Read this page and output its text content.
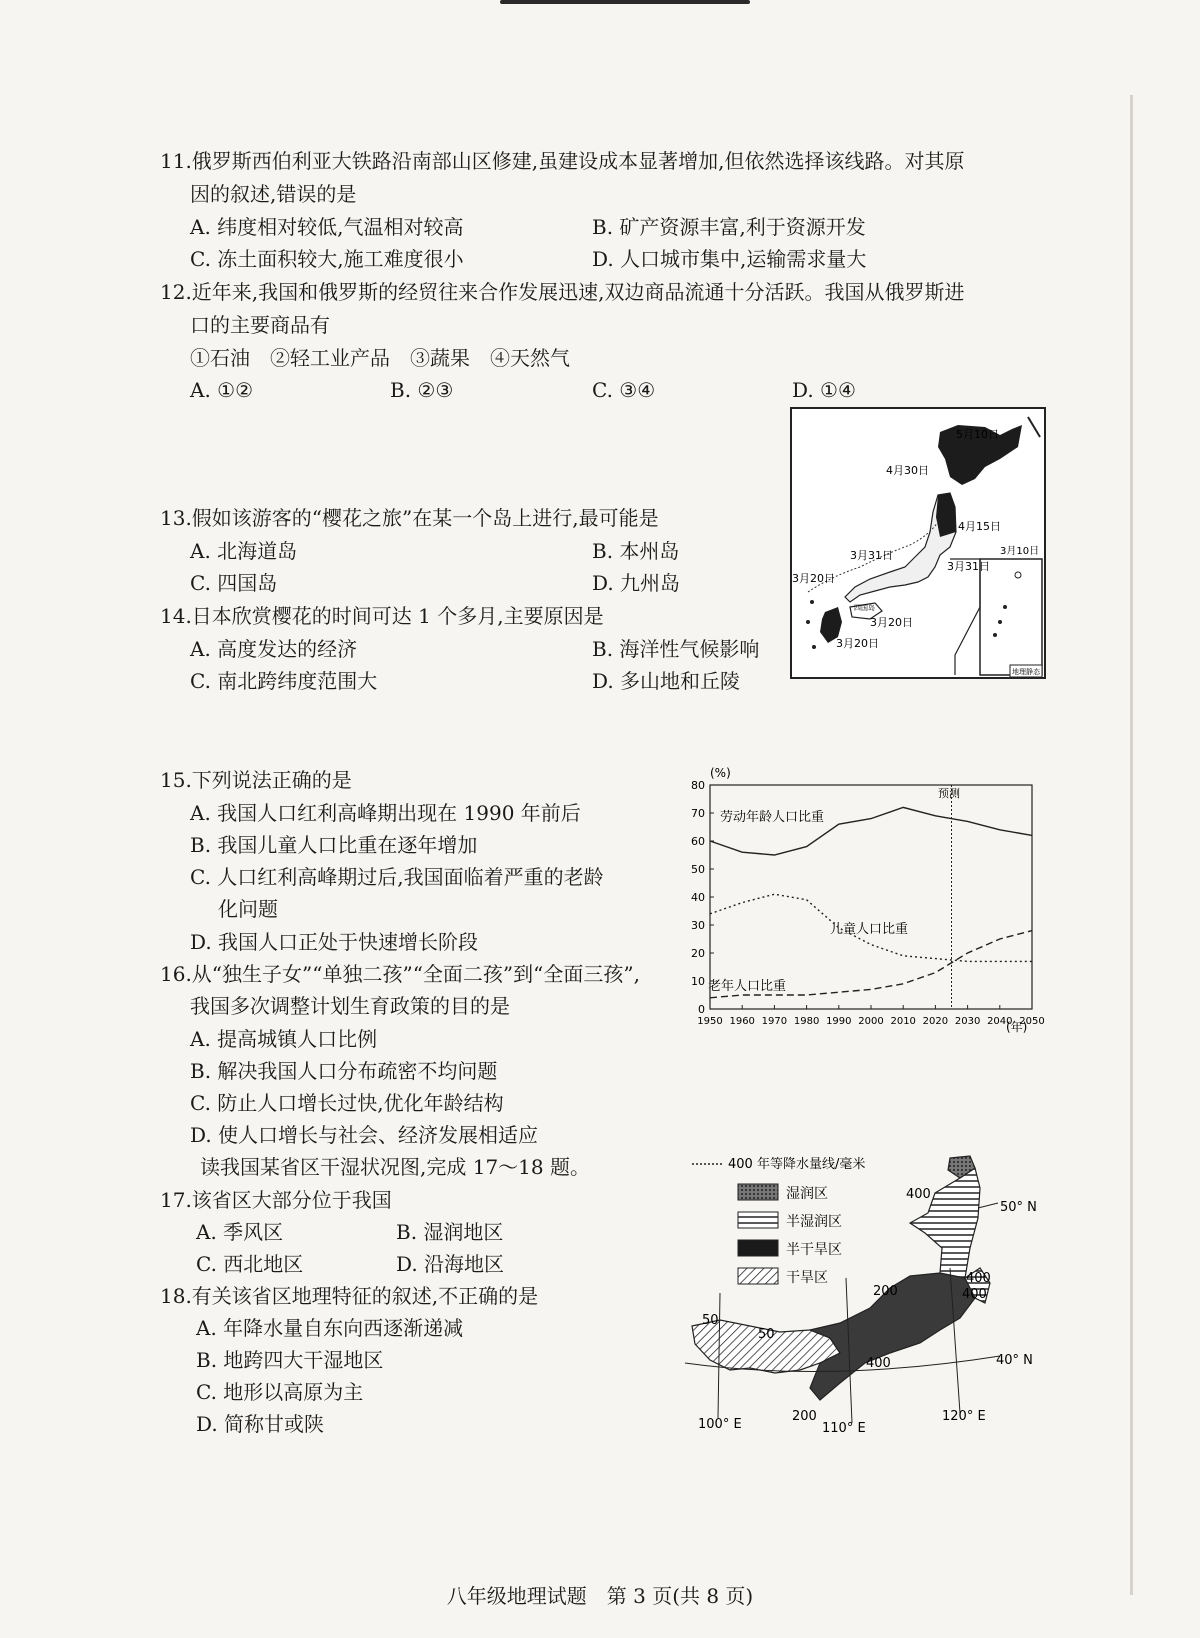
11.俄罗斯西伯利亚大铁路沿南部山区修建,虽建设成本显著增加,但依然选择该线路。对其原
因的叙述,错误的是
A. 纬度相对较低,气温相对较高	B. 矿产资源丰富,利于资源开发
C. 冻土面积较大,施工难度很小	D. 人口城市集中,运输需求量大
12.近年来,我国和俄罗斯的经贸往来合作发展迅速,双边商品流通十分活跃。我国从俄罗斯进
口的主要商品有
①石油　②轻工业产品　③蔬果　④天然气
A. ①②	B. ②③	C. ③④	D. ①④
13.假如该游客的“樱花之旅”在某一个岛上进行,最可能是
A. 北海道岛	B. 本州岛
C. 四国岛	D. 九州岛
14.日本欣赏樱花的时间可达 1 个多月,主要原因是
A. 高度发达的经济	B. 海洋性气候影响
C. 南北跨纬度范围大	D. 多山地和丘陵	地理静态
5月10日
4月30日
4月15日
3月31日
3月31日
3月10日
3月20日
3月20日
3月20日
四国岛
15.下列说法正确的是
A. 我国人口红利高峰期出现在 1990 年前后
B. 我国儿童人口比重在逐年增加
C. 人口红利高峰期过后,我国面临着严重的老龄
化问题
D. 我国人口正处于快速增长阶段
16.从“独生子女”“单独二孩”“全面二孩”到“全面三孩”,
我国多次调整计划生育政策的目的是
A. 提高城镇人口比例
B. 解决我国人口分布疏密不均问题
C. 防止人口增长过快,优化年龄结构
D. 使人口增长与社会、经济发展相适应
(%)
(年)
预测
劳动年龄人口比重
儿童人口比重
老年人口比重
0
10
20
30
40
50
60
70
80
1950 1960 1970 1980 1990 2000 2010 2020 2030 2040 2050
读我国某省区干湿状况图,完成 17～18 题。
17.该省区大部分位于我国
A. 季风区	B. 湿润地区
C. 西北地区	D. 沿海地区
18.有关该省区地理特征的叙述,不正确的是
A. 年降水量自东向西逐渐递减
B. 地跨四大干湿地区
C. 地形以高原为主
D. 简称甘或陕
400 年等降水量线/毫米
湿润区
半湿润区
半干旱区
干旱区
400
400
400
200
400
50
50
200
50° N
40° N
100° E	110° E
120° E
八年级地理试题　第 3 页(共 8 页)
